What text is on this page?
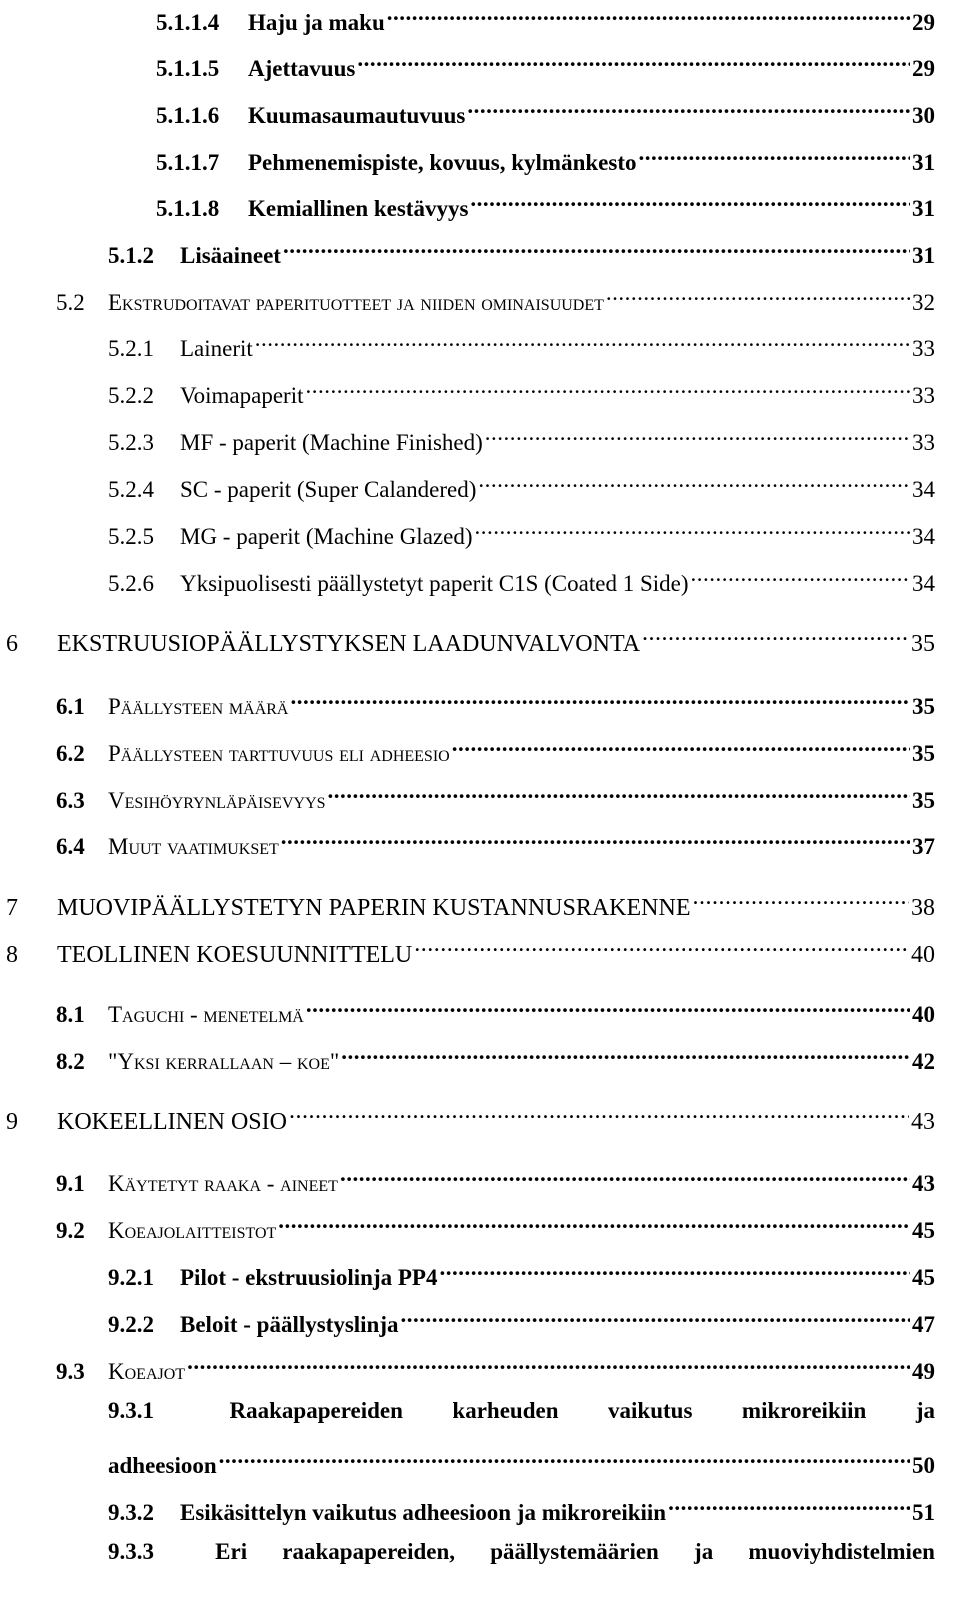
5.1.1.4	Haju ja maku .....	29
5.1.1.5	Ajettavuus .....	29
5.1.1.6	Kuumasaumautuvuus .....	30
5.1.1.7	Pehmenemispiste, kovuus, kylmänkesto .....	31
5.1.1.8	Kemiallinen kestävyys .....	31
5.1.2	Lisäaineet .....	31
5.2	Ekstrudoitavat paperituotteet ja niiden ominaisuudet .....	32
5.2.1	Lainerit .....	33
5.2.2	Voimapaperit .....	33
5.2.3	MF - paperit (Machine Finished) .....	33
5.2.4	SC - paperit (Super Calandered) .....	34
5.2.5	MG - paperit (Machine Glazed) .....	34
5.2.6	Yksipuolisesti päällystetyt paperit C1S (Coated 1 Side) .....	34
6	EKSTRUUSIOPÄÄLLYSTYKSEN LAADUNVALVONTA .....	35
6.1	Päällysteen määrä .....	35
6.2	Päällysteen tarttuvuus eli adheesio .....	35
6.3	Vesihöyrynläpäisevyys .....	35
6.4	Muut vaatimukset .....	37
7	MUOVIPÄÄLLYSTETYN PAPERIN KUSTANNUSRAKENNE .....	38
8	TEOLLINEN KOESUUNNITTELU .....	40
8.1	Taguchi - menetelmä .....	40
8.2	"Yksi kerrallaan – koe" .....	42
9	KOKEELLINEN OSIO .....	43
9.1	Käytetyt raaka - aineet .....	43
9.2	Koeajolaitteistot .....	45
9.2.1	Pilot - ekstruusiolinja PP4 .....	45
9.2.2	Beloit - päällystyslinja .....	47
9.3	Koeajot .....	49
9.3.1	Raakapapereiden karheuden vaikutus mikroreikiin ja
adheesioon .....	50
9.3.2	Esikäsittelyn vaikutus adheesioon ja mikroreikiin .....	51
9.3.3	Eri raakapapereiden, päällystemäärien ja muoviyhdistelmien
